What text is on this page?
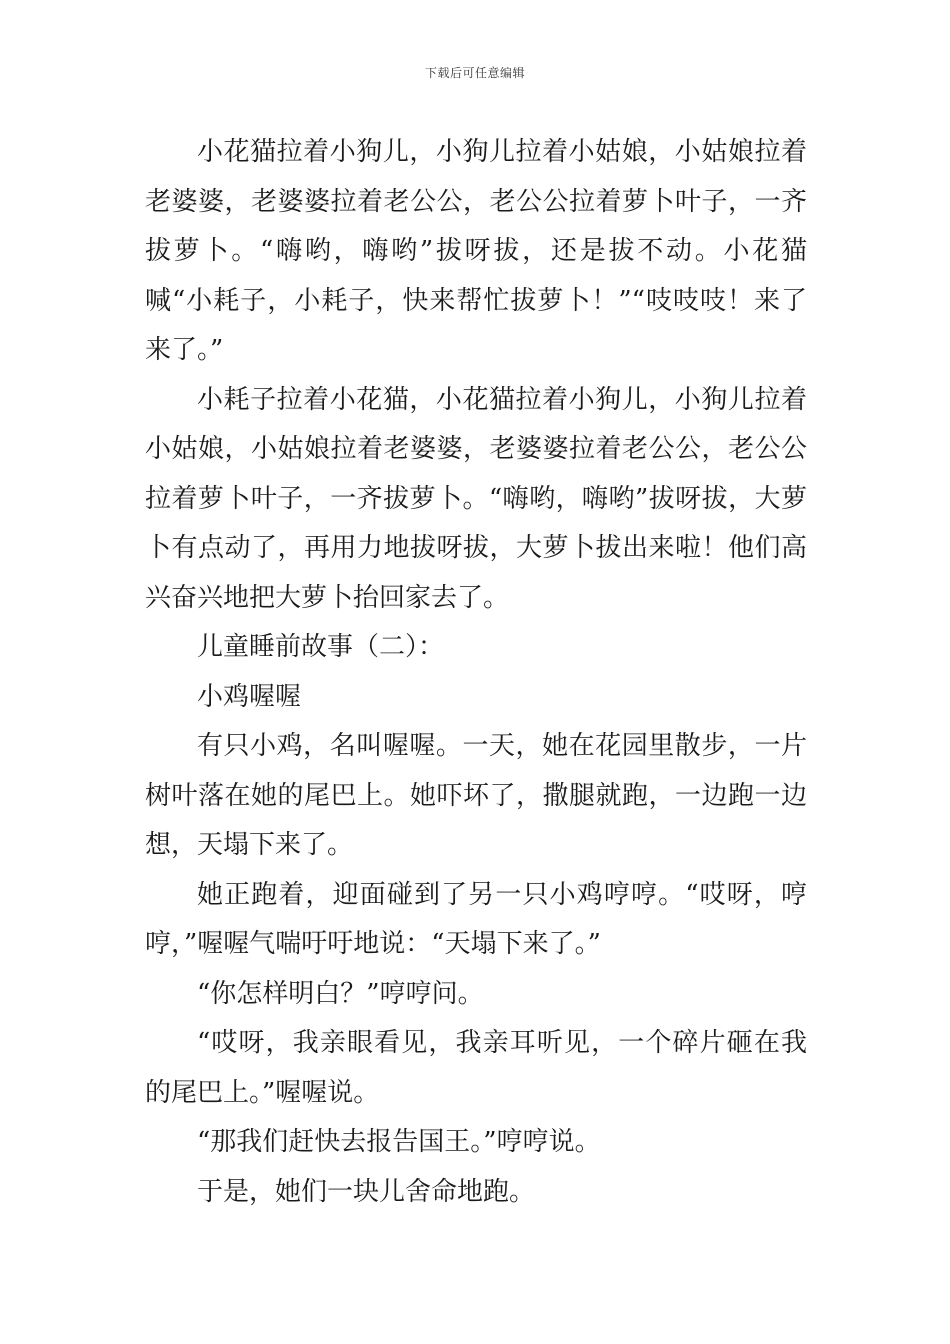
下载后可任意编辑

小花猫拉着小狗儿，小狗儿拉着小姑娘，小姑娘拉着老婆婆，老婆婆拉着老公公，老公公拉着萝卜叶子，一齐拔萝卜。“嗨哟，嗨哟”拔呀拔，还是拔不动。小花猫喊“小耗子，小耗子，快来帮忙拔萝卜！”“吱吱吱！来了来了。”

小耗子拉着小花猫，小花猫拉着小狗儿，小狗儿拉着小姑娘，小姑娘拉着老婆婆，老婆婆拉着老公公，老公公拉着萝卜叶子，一齐拔萝卜。“嗨哟，嗨哟”拔呀拔，大萝卜有点动了，再用力地拔呀拔，大萝卜拔出来啦！他们高兴奋兴地把大萝卜抬回家去了。

儿童睡前故事（二）：

小鸡喔喔

有只小鸡，名叫喔喔。一天，她在花园里散步，一片树叶落在她的尾巴上。她吓坏了，撒腿就跑，一边跑一边想，天塌下来了。

她正跑着，迎面碰到了另一只小鸡哼哼。“哎呀，哼哼，”喔喔气喘吁吁地说：“天塌下来了。”

“你怎样明白？”哼哼问。

“哎呀，我亲眼看见，我亲耳听见，一个碎片砸在我的尾巴上。”喔喔说。

“那我们赶快去报告国王。”哼哼说。

于是，她们一块儿舍命地跑。
